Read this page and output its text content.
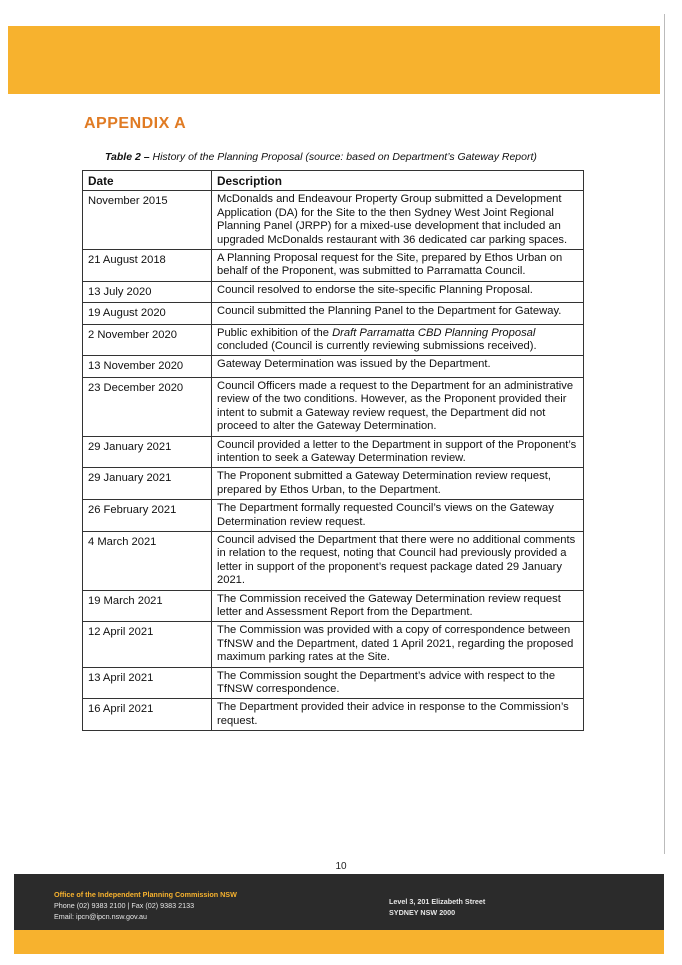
APPENDIX A
Table 2 – History of the Planning Proposal (source: based on Department’s Gateway Report)
Date	Description
November 2015	McDonalds and Endeavour Property Group submitted a Development Application (DA) for the Site to the then Sydney West Joint Regional Planning Panel (JRPP) for a mixed-use development that included an upgraded McDonalds restaurant with 36 dedicated car parking spaces.
21 August 2018	A Planning Proposal request for the Site, prepared by Ethos Urban on behalf of the Proponent, was submitted to Parramatta Council.
13 July 2020	Council resolved to endorse the site-specific Planning Proposal.
19 August 2020	Council submitted the Planning Panel to the Department for Gateway.
2 November 2020	Public exhibition of the Draft Parramatta CBD Planning Proposal concluded (Council is currently reviewing submissions received).
13 November 2020	Gateway Determination was issued by the Department.
23 December 2020	Council Officers made a request to the Department for an administrative review of the two conditions. However, as the Proponent provided their intent to submit a Gateway review request, the Department did not proceed to alter the Gateway Determination.
29 January 2021	Council provided a letter to the Department in support of the Proponent’s intention to seek a Gateway Determination review.
29 January 2021	The Proponent submitted a Gateway Determination review request, prepared by Ethos Urban, to the Department.
26 February 2021	The Department formally requested Council’s views on the Gateway Determination review request.
4 March 2021	Council advised the Department that there were no additional comments in relation to the request, noting that Council had previously provided a letter in support of the proponent’s request package dated 29 January 2021.
19 March 2021	The Commission received the Gateway Determination review request letter and Assessment Report from the Department.
12 April 2021	The Commission was provided with a copy of correspondence between TfNSW and the Department, dated 1 April 2021, regarding the proposed maximum parking rates at the Site.
13 April 2021	The Commission sought the Department’s advice with respect to the TfNSW correspondence.
16 April 2021	The Department provided their advice in response to the Commission’s request.
10
Office of the Independent Planning Commission NSW
Phone (02) 9383 2100 | Fax (02) 9383 2133
Email: ipcn@ipcn.nsw.gov.au
Level 3, 201 Elizabeth Street
SYDNEY NSW 2000
